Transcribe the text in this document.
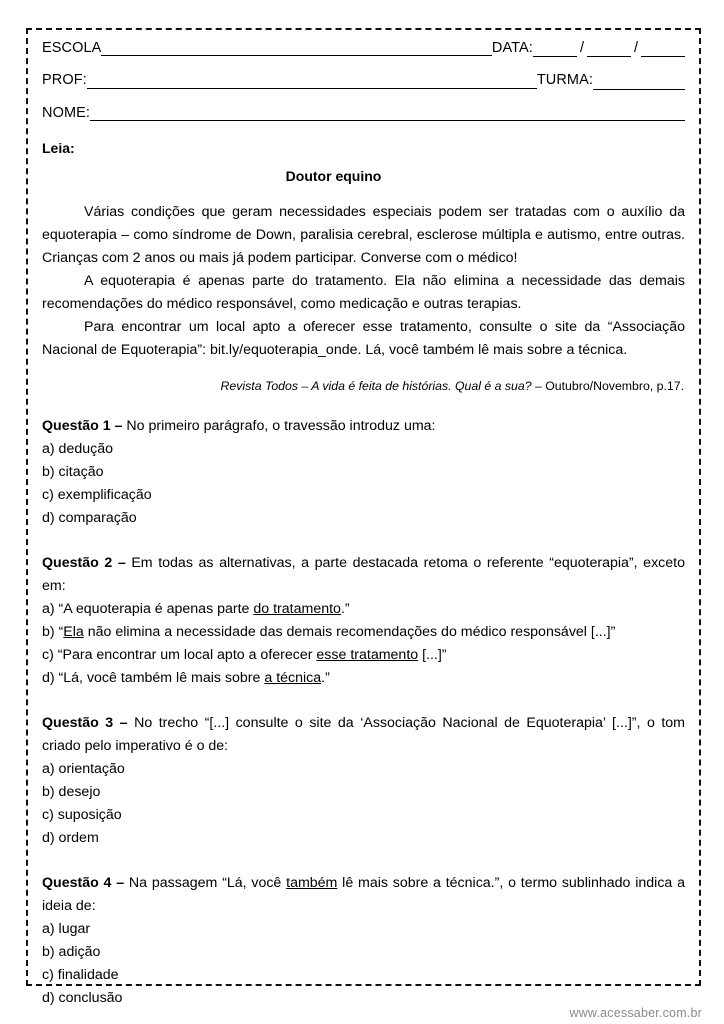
ESCOLA	DATA:	/	/
PROF:	TURMA:
NOME:

Leia:

Doutor equino

Várias condições que geram necessidades especiais podem ser tratadas com o auxílio da equoterapia – como síndrome de Down, paralisia cerebral, esclerose múltipla e autismo, entre outras. Crianças com 2 anos ou mais já podem participar. Converse com o médico!

A equoterapia é apenas parte do tratamento. Ela não elimina a necessidade das demais recomendações do médico responsável, como medicação e outras terapias.

Para encontrar um local apto a oferecer esse tratamento, consulte o site da “Associação Nacional de Equoterapia”: bit.ly/equoterapia_onde. Lá, você também lê mais sobre a técnica.

Revista Todos – A vida é feita de histórias. Qual é a sua? – Outubro/Novembro, p.17.

Questão 1 – No primeiro parágrafo, o travessão introduz uma:

a) dedução

b) citação

c) exemplificação

d) comparação

Questão 2 – Em todas as alternativas, a parte destacada retoma o referente “equoterapia”, exceto em:

a) “A equoterapia é apenas parte do tratamento.”

b) “Ela não elimina a necessidade das demais recomendações do médico responsável [...]”

c) “Para encontrar um local apto a oferecer esse tratamento [...]”

d) “Lá, você também lê mais sobre a técnica.”

Questão 3 – No trecho “[...] consulte o site da ‘Associação Nacional de Equoterapia’ [...]”, o tom criado pelo imperativo é o de:

a) orientação

b) desejo

c) suposição

d) ordem

Questão 4 – Na passagem “Lá, você também lê mais sobre a técnica.”, o termo sublinhado indica a ideia de:

a) lugar

b) adição

c) finalidade

d) conclusão

www.acessaber.com.br
